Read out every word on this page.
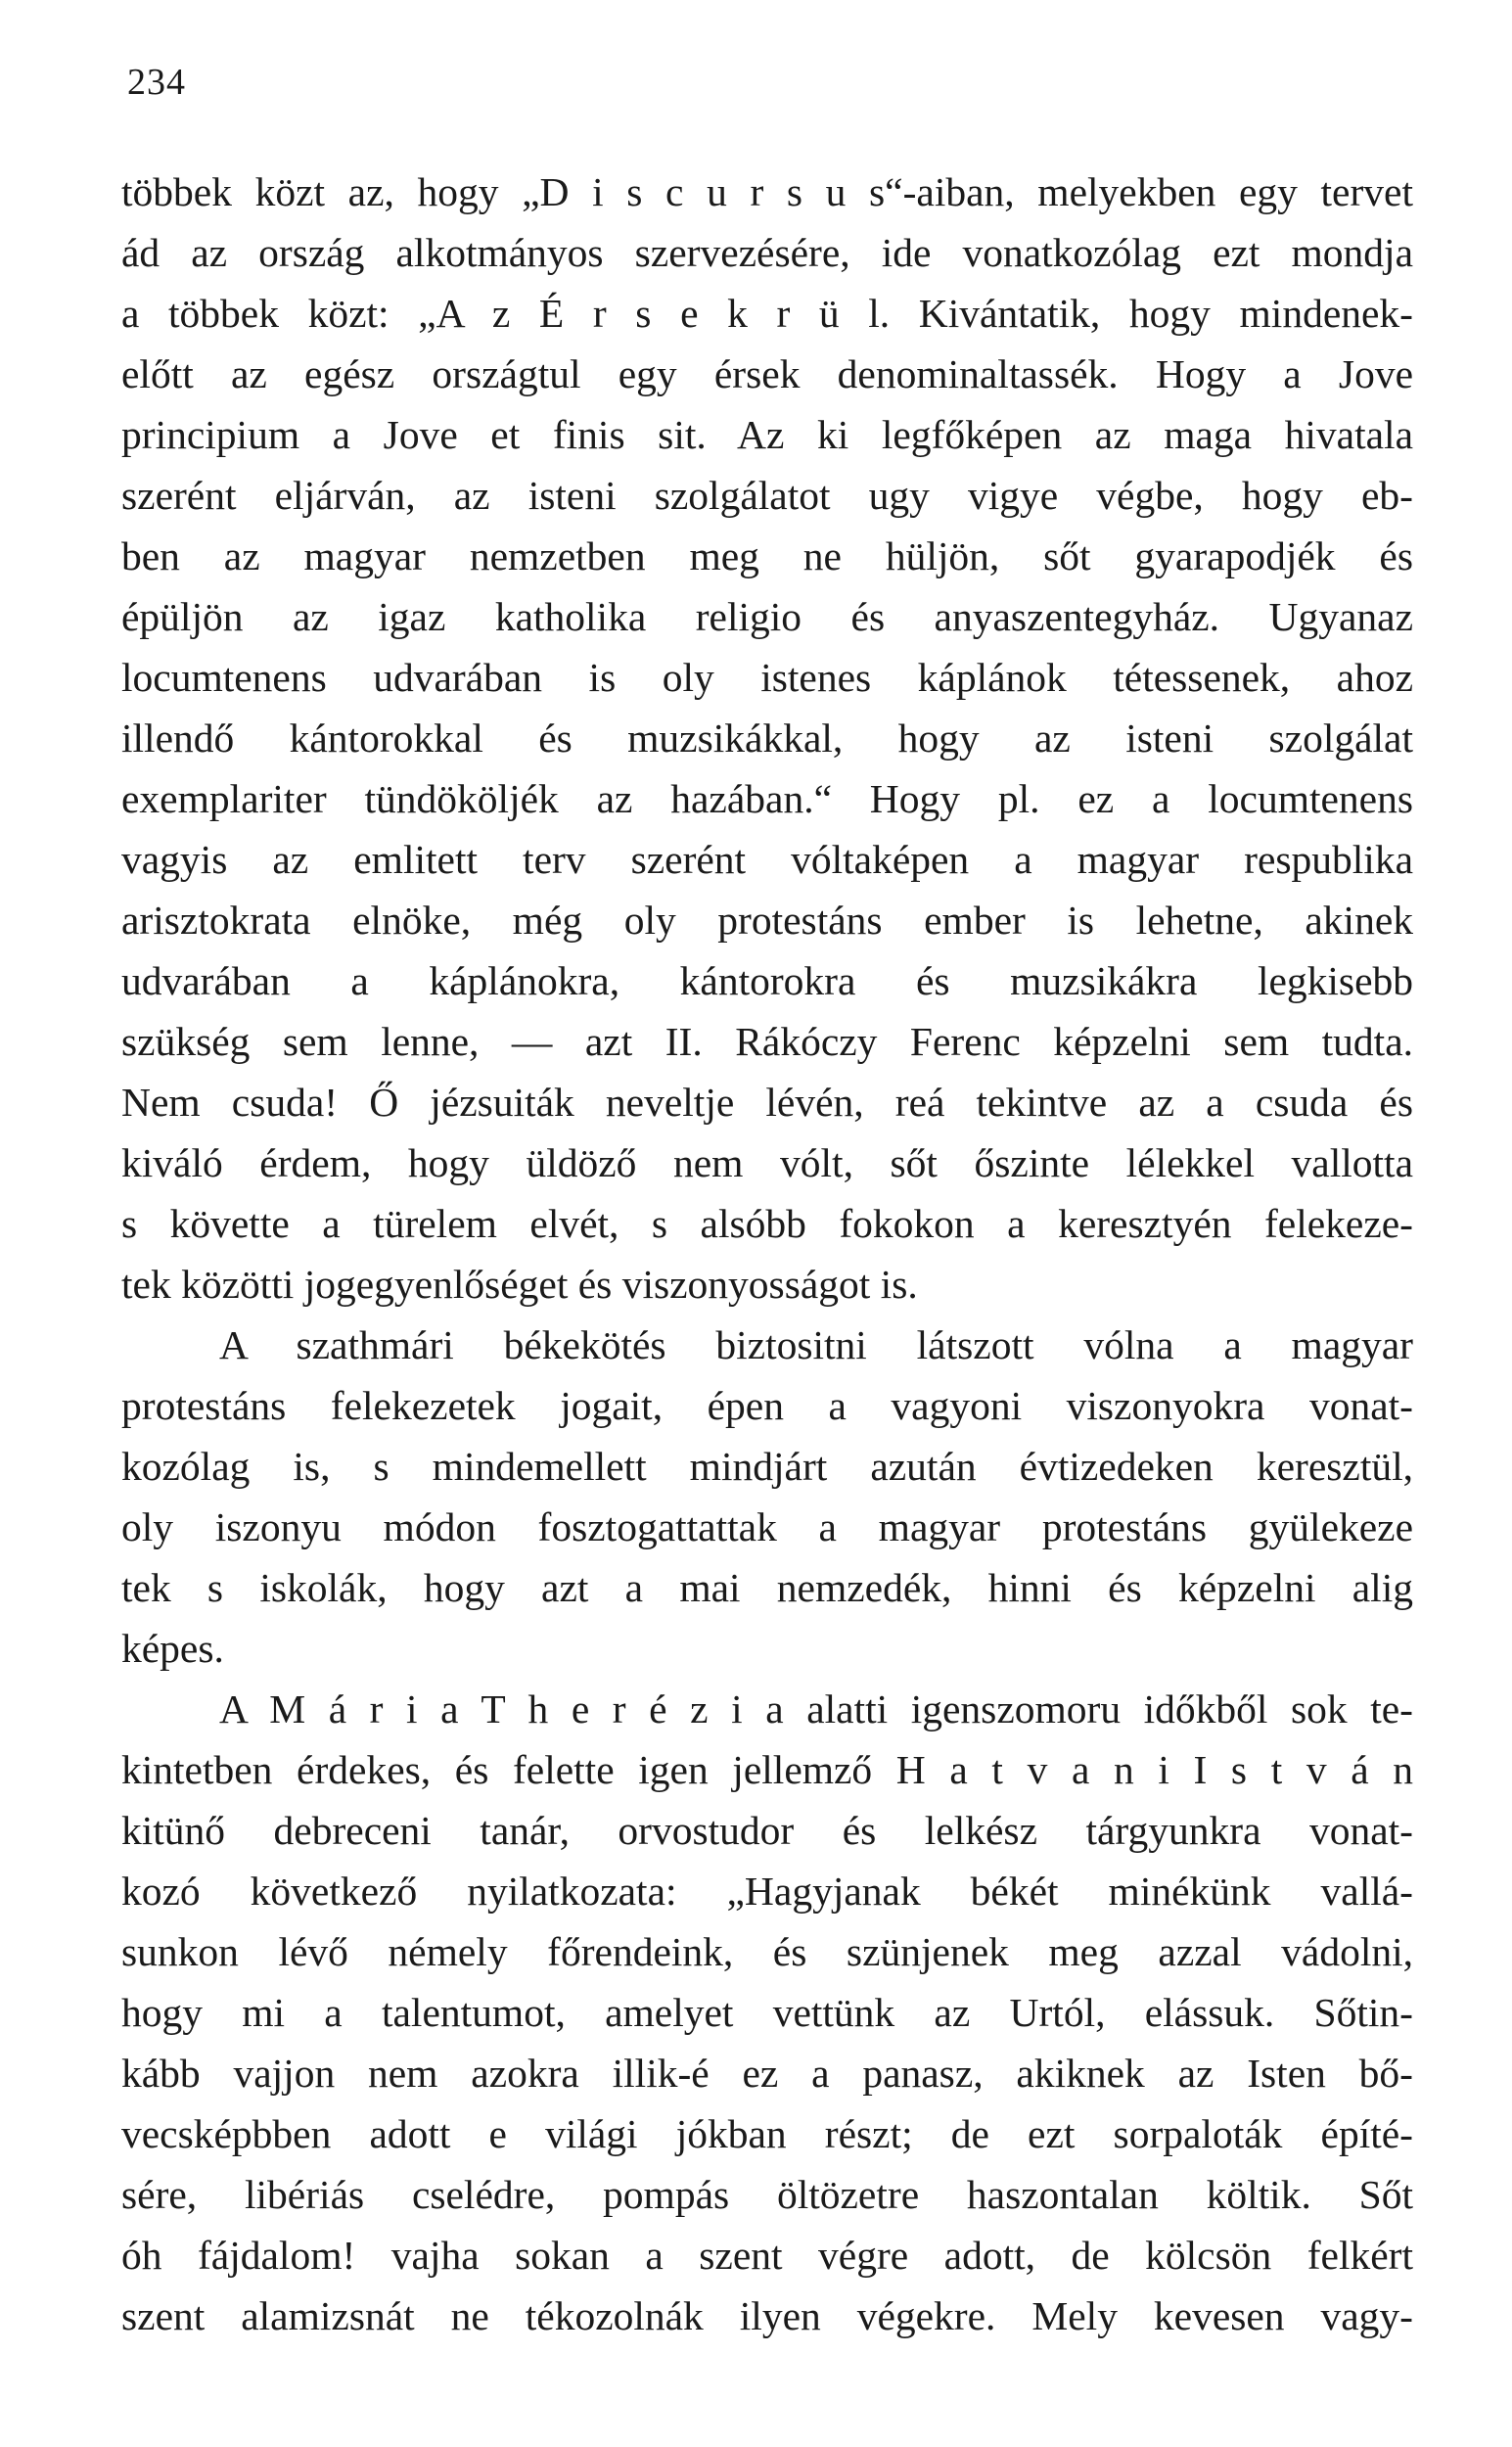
234
többek közt az, hogy „D i s c u r s u s“-aiban, melyekben egy tervet
ád az ország alkotmányos szervezésére, ide vonatkozólag ezt mondja
a többek közt: „A z É r s e k r ü l. Kivántatik, hogy mindenek-
előtt az egész országtul egy érsek denominaltassék. Hogy a Jove
principium a Jove et finis sit. Az ki legfőképen az maga hivatala
szerént eljárván, az isteni szolgálatot ugy vigye végbe, hogy eb-
ben az magyar nemzetben meg ne hüljön, sőt gyarapodjék és
épüljön az igaz katholika religio és anyaszentegyház. Ugyanaz
locumtenens udvarában is oly istenes káplánok tétessenek, ahoz
illendő kántorokkal és muzsikákkal, hogy az isteni szolgálat
exemplariter tündököljék az hazában.“ Hogy pl. ez a locumtenens
vagyis az emlitett terv szerént vóltaképen a magyar respublika
arisztokrata elnöke, még oly protestáns ember is lehetne, akinek
udvarában a káplánokra, kántorokra és muzsikákra legkisebb
szükség sem lenne, — azt II. Rákóczy Ferenc képzelni sem tudta.
Nem csuda! Ő jézsuiták neveltje lévén, reá tekintve az a csuda és
kiváló érdem, hogy üldöző nem vólt, sőt őszinte lélekkel vallotta
s követte a türelem elvét, s alsóbb fokokon a keresztyén felekeze-
tek közötti jogegyenlőséget és viszonyosságot is.
A szathmári békekötés biztositni látszott vólna a magyar
protestáns felekezetek jogait, épen a vagyoni viszonyokra vonat-
kozólag is, s mindemellett mindjárt azután évtizedeken keresztül,
oly iszonyu módon fosztogattattak a magyar protestáns gyülekeze
tek s iskolák, hogy azt a mai nemzedék, hinni és képzelni alig
képes.
A M á r i a T h e r é z i a alatti igenszomoru időkből sok te-
kintetben érdekes, és felette igen jellemző H a t v a n i I s t v á n
kitünő debreceni tanár, orvostudor és lelkész tárgyunkra vonat-
kozó következő nyilatkozata: „Hagyjanak békét minékünk vallá-
sunkon lévő némely főrendeink, és szünjenek meg azzal vádolni,
hogy mi a talentumot, amelyet vettünk az Urtól, elássuk. Sőtin-
kább vajjon nem azokra illik-é ez a panasz, akiknek az Isten bő-
vecsképbben adott e világi jókban részt; de ezt sorpaloták építé-
sére, libériás cselédre, pompás öltözetre haszontalan költik. Sőt
óh fájdalom! vajha sokan a szent végre adott, de kölcsön felkért
szent alamizsnát ne tékozolnák ilyen végekre. Mely kevesen vagy-
